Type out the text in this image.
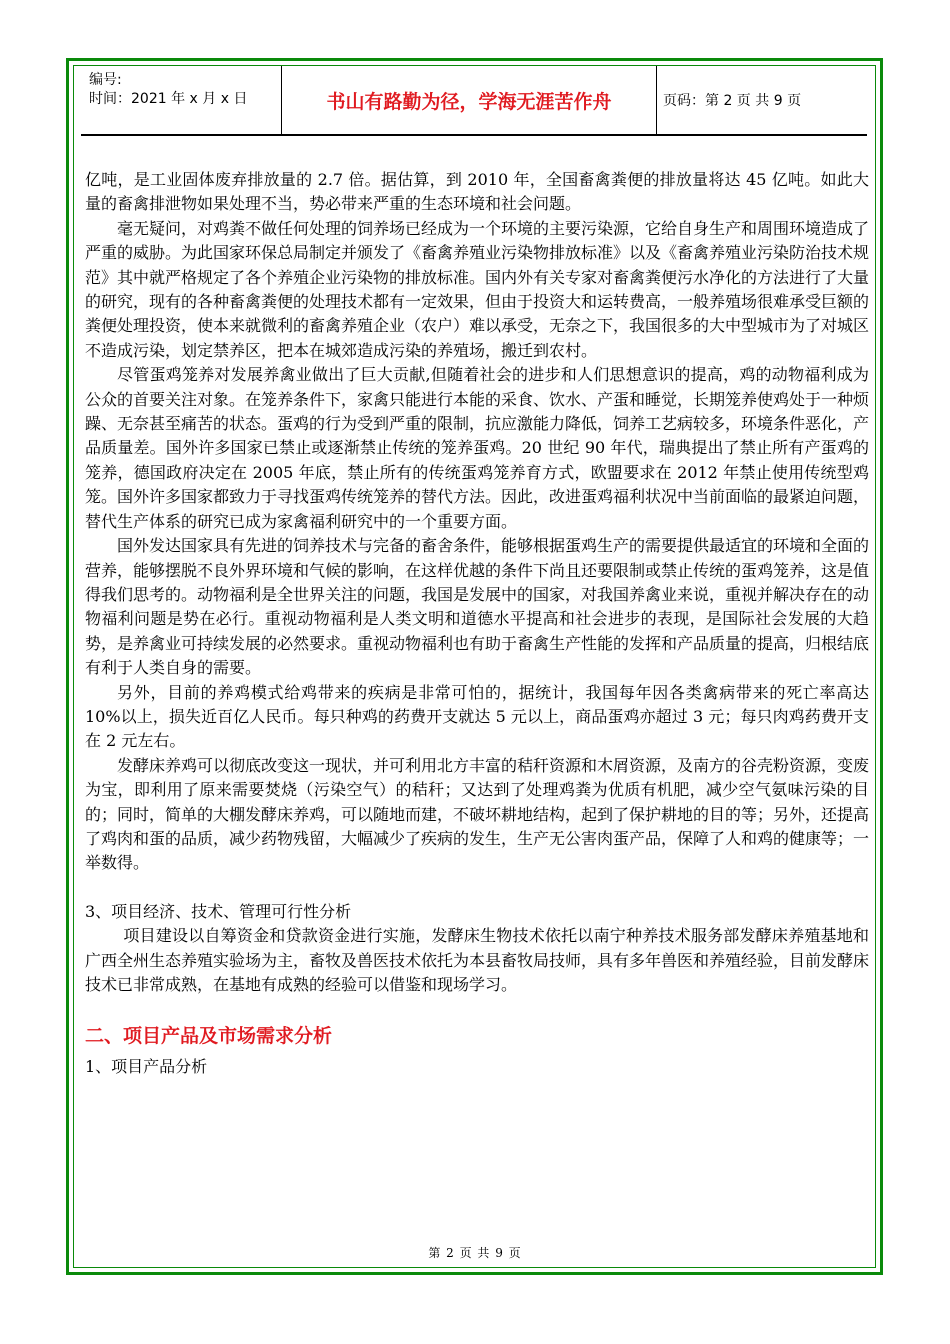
编号:
时间：2021 年 x 月 x 日	书山有路勤为径，学海无涯苦作舟	页码：第 2 页 共 9 页

亿吨，是工业固体废弃排放量的 2.7 倍。据估算，到 2010 年，全国畜禽粪便的排放量将达 45 亿吨。如此大量的畜禽排泄物如果处理不当，势必带来严重的生态环境和社会问题。

毫无疑问，对鸡粪不做任何处理的饲养场已经成为一个环境的主要污染源，它给自身生产和周围环境造成了严重的威胁。为此国家环保总局制定并颁发了《畜禽养殖业污染物排放标准》以及《畜禽养殖业污染防治技术规范》其中就严格规定了各个养殖企业污染物的排放标准。国内外有关专家对畜禽粪便污水净化的方法进行了大量的研究，现有的各种畜禽粪便的处理技术都有一定效果，但由于投资大和运转费高，一般养殖场很难承受巨额的粪便处理投资，使本来就微利的畜禽养殖企业（农户）难以承受，无奈之下，我国很多的大中型城市为了对城区不造成污染，划定禁养区，把本在城郊造成污染的养殖场，搬迁到农村。

尽管蛋鸡笼养对发展养禽业做出了巨大贡献,但随着社会的进步和人们思想意识的提高，鸡的动物福利成为公众的首要关注对象。在笼养条件下，家禽只能进行本能的采食、饮水、产蛋和睡觉，长期笼养使鸡处于一种烦躁、无奈甚至痛苦的状态。蛋鸡的行为受到严重的限制，抗应激能力降低，饲养工艺病较多，环境条件恶化，产品质量差。国外许多国家已禁止或逐渐禁止传统的笼养蛋鸡。20 世纪 90 年代，瑞典提出了禁止所有产蛋鸡的笼养，德国政府决定在 2005 年底，禁止所有的传统蛋鸡笼养育方式，欧盟要求在 2012 年禁止使用传统型鸡笼。国外许多国家都致力于寻找蛋鸡传统笼养的替代方法。因此，改进蛋鸡福利状况中当前面临的最紧迫问题，替代生产体系的研究已成为家禽福利研究中的一个重要方面。

国外发达国家具有先进的饲养技术与完备的畜舍条件，能够根据蛋鸡生产的需要提供最适宜的环境和全面的营养，能够摆脱不良外界环境和气候的影响，在这样优越的条件下尚且还要限制或禁止传统的蛋鸡笼养，这是值得我们思考的。动物福利是全世界关注的问题，我国是发展中的国家，对我国养禽业来说，重视并解决存在的动物福利问题是势在必行。重视动物福利是人类文明和道德水平提高和社会进步的表现，是国际社会发展的大趋势，是养禽业可持续发展的必然要求。重视动物福利也有助于畜禽生产性能的发挥和产品质量的提高，归根结底有利于人类自身的需要。

另外，目前的养鸡模式给鸡带来的疾病是非常可怕的，据统计，我国每年因各类禽病带来的死亡率高达 10%以上，损失近百亿人民币。每只种鸡的药费开支就达 5 元以上，商品蛋鸡亦超过 3 元；每只肉鸡药费开支在 2 元左右。

发酵床养鸡可以彻底改变这一现状，并可利用北方丰富的秸秆资源和木屑资源，及南方的谷壳粉资源，变废为宝，即利用了原来需要焚烧（污染空气）的秸秆；又达到了处理鸡粪为优质有机肥，减少空气氨味污染的目的；同时，简单的大棚发酵床养鸡，可以随地而建，不破坏耕地结构，起到了保护耕地的目的等；另外，还提高了鸡肉和蛋的品质，减少药物残留，大幅减少了疾病的发生，生产无公害肉蛋产品，保障了人和鸡的健康等；一举数得。

3、项目经济、技术、管理可行性分析

项目建设以自筹资金和贷款资金进行实施，发酵床生物技术依托以南宁种养技术服务部发酵床养殖基地和广西全州生态养殖实验场为主，畜牧及兽医技术依托为本县畜牧局技师，具有多年兽医和养殖经验，目前发酵床技术已非常成熟，在基地有成熟的经验可以借鉴和现场学习。

二、项目产品及市场需求分析

1、项目产品分析

第 2 页 共 9 页
